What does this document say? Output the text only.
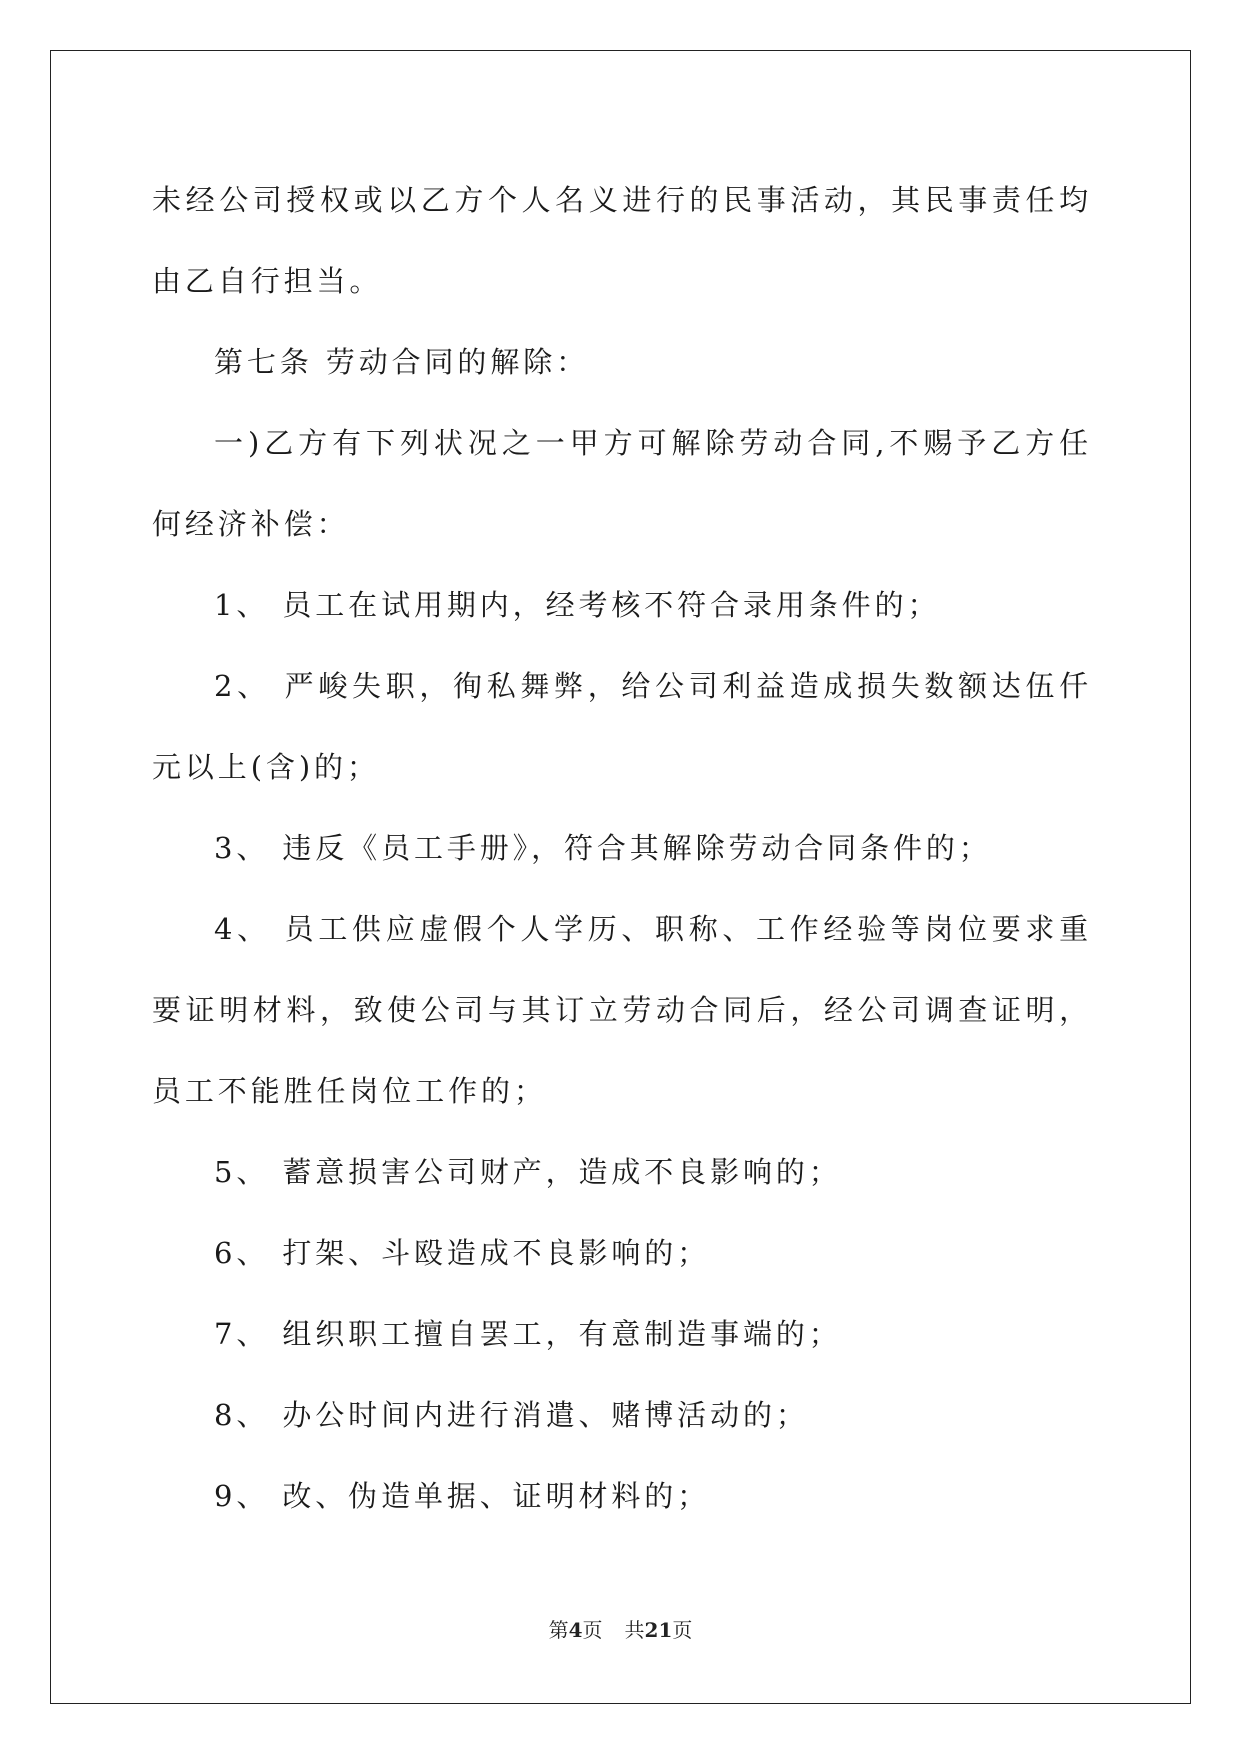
未经公司授权或以乙方个人名义进行的民事活动，其民事责任均由乙自行担当。

第七条 劳动合同的解除：

一)乙方有下列状况之一甲方可解除劳动合同,不赐予乙方任何经济补偿：

1、 员工在试用期内，经考核不符合录用条件的；

2、 严峻失职，徇私舞弊，给公司利益造成损失数额达伍仟元以上(含)的；

3、 违反《员工手册》，符合其解除劳动合同条件的；

4、 员工供应虚假个人学历、职称、工作经验等岗位要求重要证明材料，致使公司与其订立劳动合同后，经公司调查证明，员工不能胜任岗位工作的；

5、 蓄意损害公司财产，造成不良影响的；

6、 打架、斗殴造成不良影响的；

7、 组织职工擅自罢工，有意制造事端的；

8、 办公时间内进行消遣、赌博活动的；

9、 改、伪造单据、证明材料的；

第4页 共21页
